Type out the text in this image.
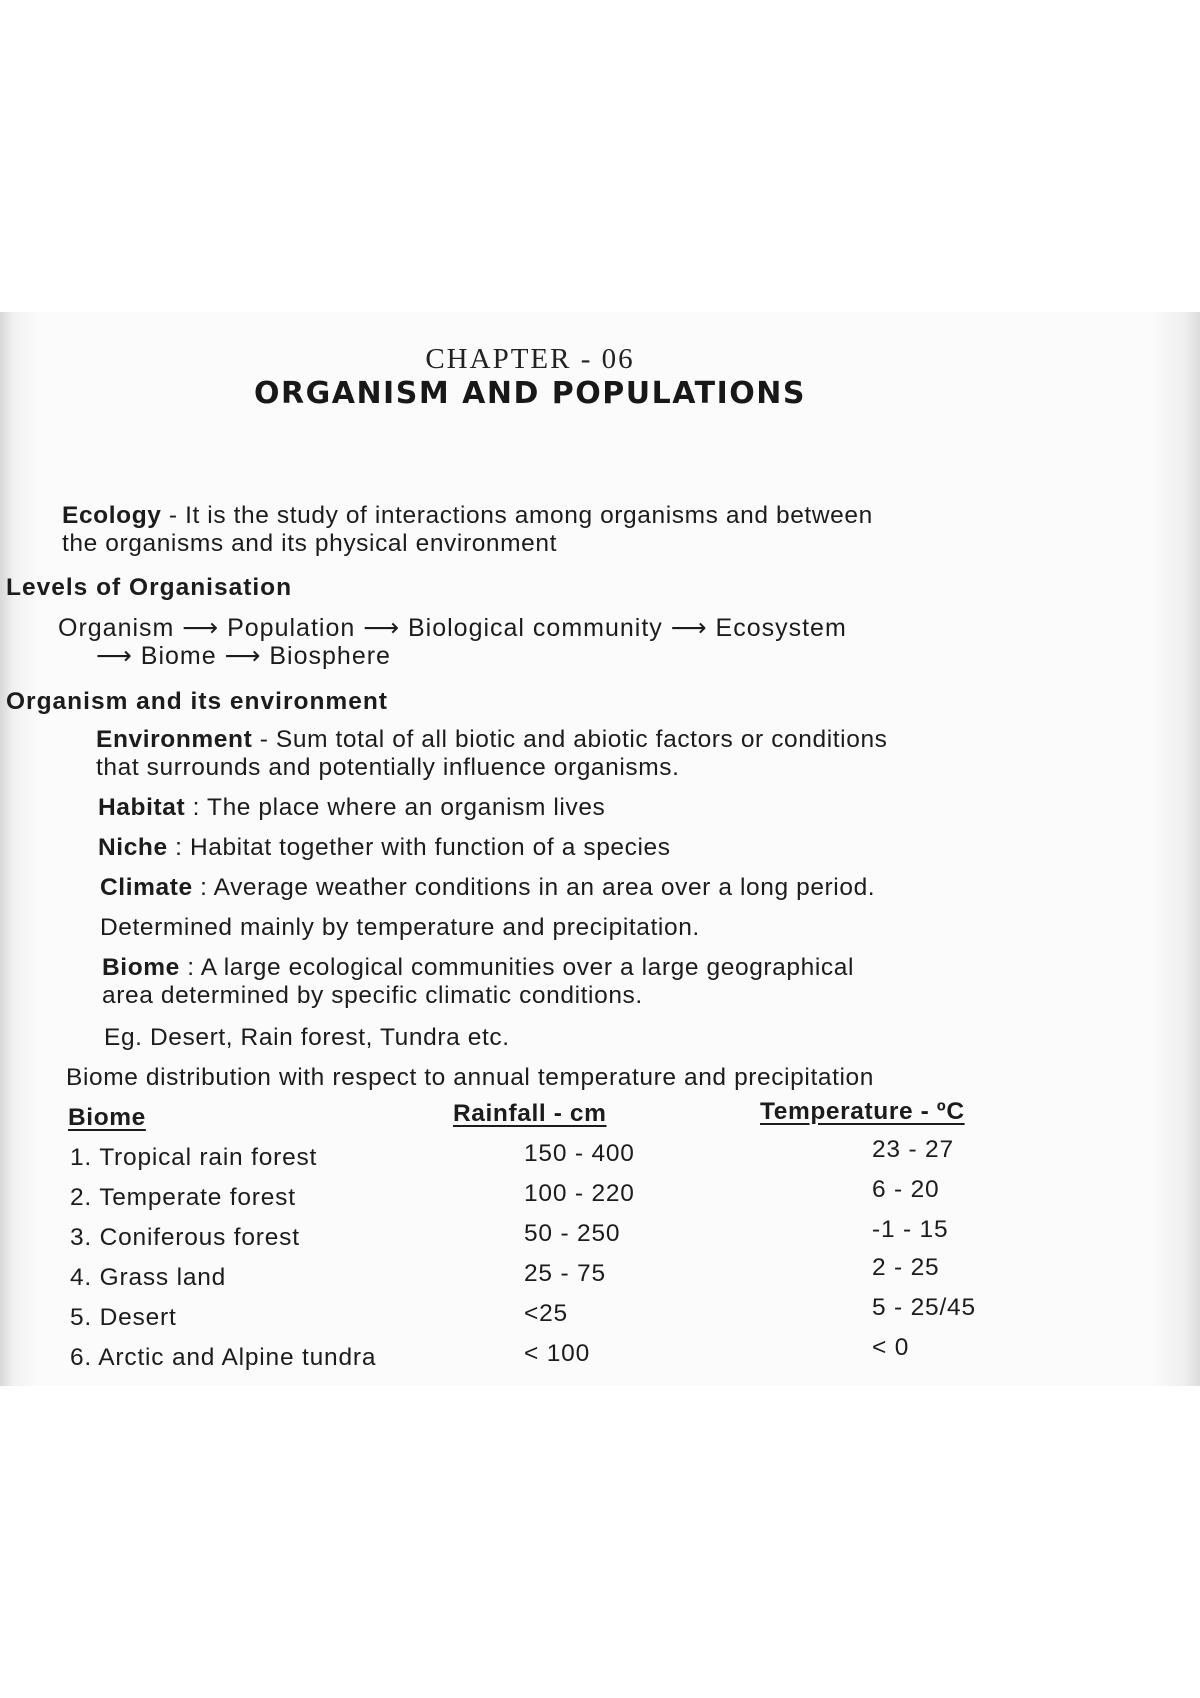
CHAPTER - 06
ORGANISM AND POPULATIONS
Ecology - It is the study of interactions among organisms and between
the organisms and its physical environment
Levels of Organisation
Organism ⟶ Population ⟶ Biological community ⟶ Ecosystem
⟶ Biome ⟶ Biosphere
Organism and its environment
Environment - Sum total of all biotic and abiotic factors or conditions
that surrounds and potentially influence organisms.
Habitat : The place where an organism lives
Niche : Habitat together with function of a species
Climate : Average weather conditions in an area over a long period.
Determined mainly by temperature and precipitation.
Biome : A large ecological communities over a large geographical
area determined by specific climatic conditions.
Eg. Desert, Rain forest, Tundra etc.
Biome distribution with respect to annual temperature and precipitation
Biome	Rainfall - cm	Temperature - ºC
1. Tropical rain forest	150 - 400	23 - 27
2. Temperate forest	100 - 220	6 - 20
3. Coniferous forest	50 - 250	-1 - 15
4. Grass land	25 - 75	2 - 25
5. Desert	<25	5 - 25/45
6. Arctic and Alpine tundra	< 100	< 0
